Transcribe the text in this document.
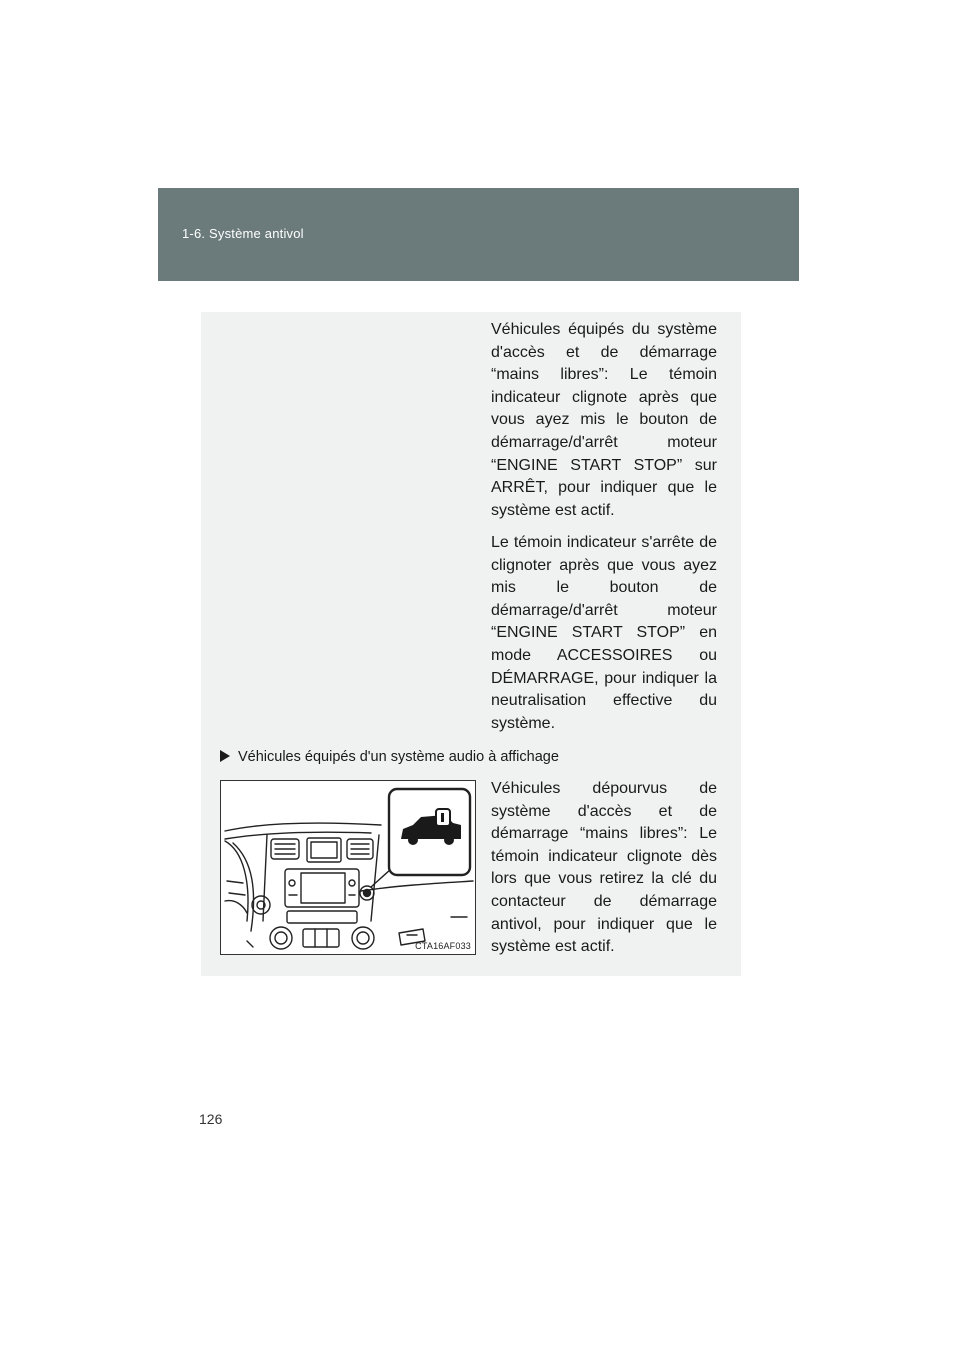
1-6. Système antivol

Véhicules équipés du système d'accès et de démarrage “mains libres”: Le témoin indicateur clignote après que vous ayez mis le bouton de démarrage/d'arrêt moteur “ENGINE START STOP” sur ARRÊT, pour indiquer que le système est actif.

Le témoin indicateur s'arrête de clignoter après que vous ayez mis le bouton de démarrage/d'arrêt moteur “ENGINE START STOP” en mode ACCESSOIRES ou DÉMARRAGE, pour indiquer la neutralisation effective du système.

Véhicules équipés d'un système audio à affichage
CTA16AF033

Véhicules dépourvus de système d'accès et de démarrage “mains libres”: Le témoin indicateur clignote dès lors que vous retirez la clé du contacteur de démarrage antivol, pour indiquer que le système est actif.

126
